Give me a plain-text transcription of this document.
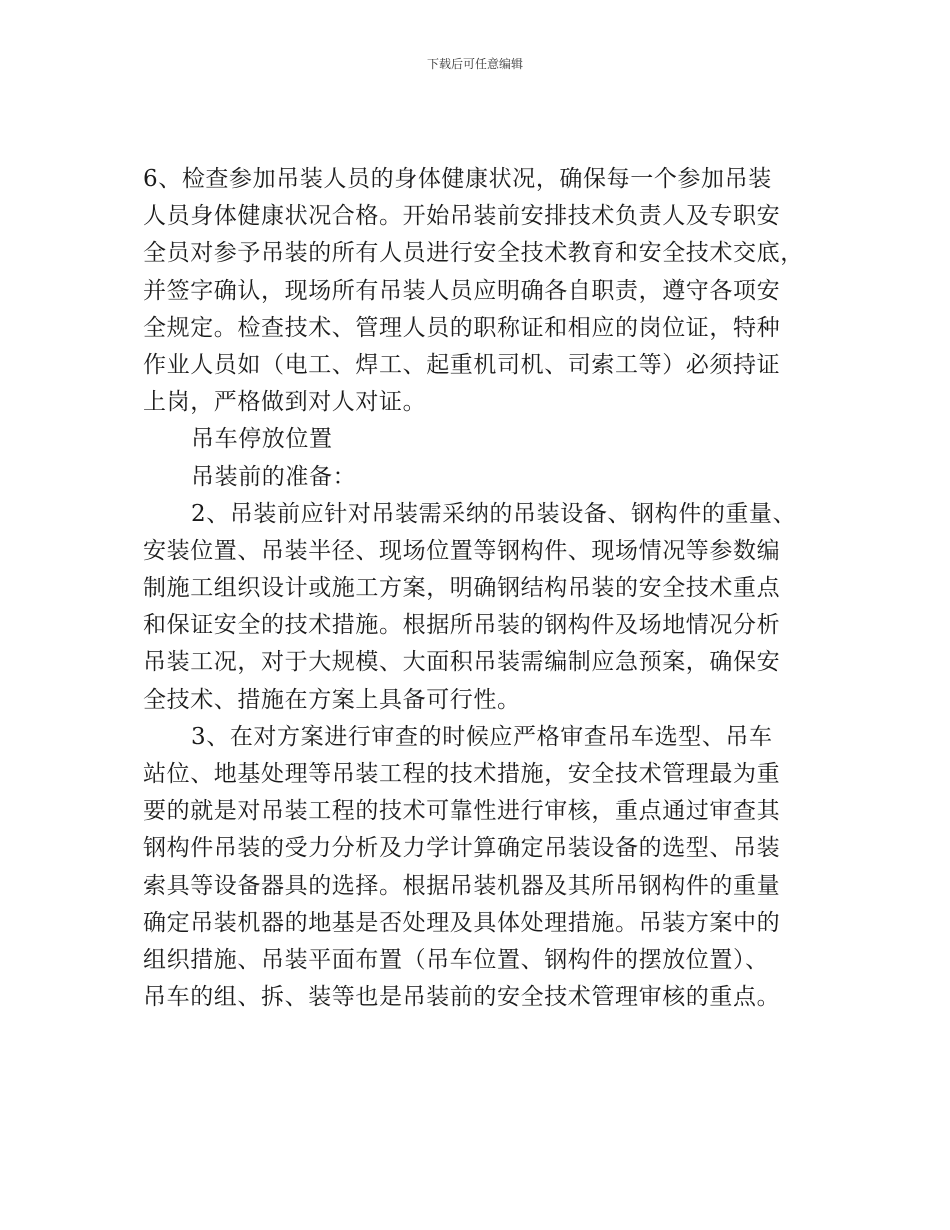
下载后可任意编辑
6、检查参加吊装人员的身体健康状况，确保每一个参加吊装
人员身体健康状况合格。开始吊装前安排技术负责人及专职安
全员对参予吊装的所有人员进行安全技术教育和安全技术交底，
并签字确认，现场所有吊装人员应明确各自职责，遵守各项安
全规定。检查技术、管理人员的职称证和相应的岗位证，特种
作业人员如（电工、焊工、起重机司机、司索工等）必须持证
上岗，严格做到对人对证。
吊车停放位置
吊装前的准备：
2、吊装前应针对吊装需采纳的吊装设备、钢构件的重量、
安装位置、吊装半径、现场位置等钢构件、现场情况等参数编
制施工组织设计或施工方案，明确钢结构吊装的安全技术重点
和保证安全的技术措施。根据所吊装的钢构件及场地情况分析
吊装工况，对于大规模、大面积吊装需编制应急预案，确保安
全技术、措施在方案上具备可行性。
3、在对方案进行审查的时候应严格审查吊车选型、吊车
站位、地基处理等吊装工程的技术措施，安全技术管理最为重
要的就是对吊装工程的技术可靠性进行审核，重点通过审查其
钢构件吊装的受力分析及力学计算确定吊装设备的选型、吊装
索具等设备器具的选择。根据吊装机器及其所吊钢构件的重量
确定吊装机器的地基是否处理及具体处理措施。吊装方案中的
组织措施、吊装平面布置（吊车位置、钢构件的摆放位置）、
吊车的组、拆、装等也是吊装前的安全技术管理审核的重点。
